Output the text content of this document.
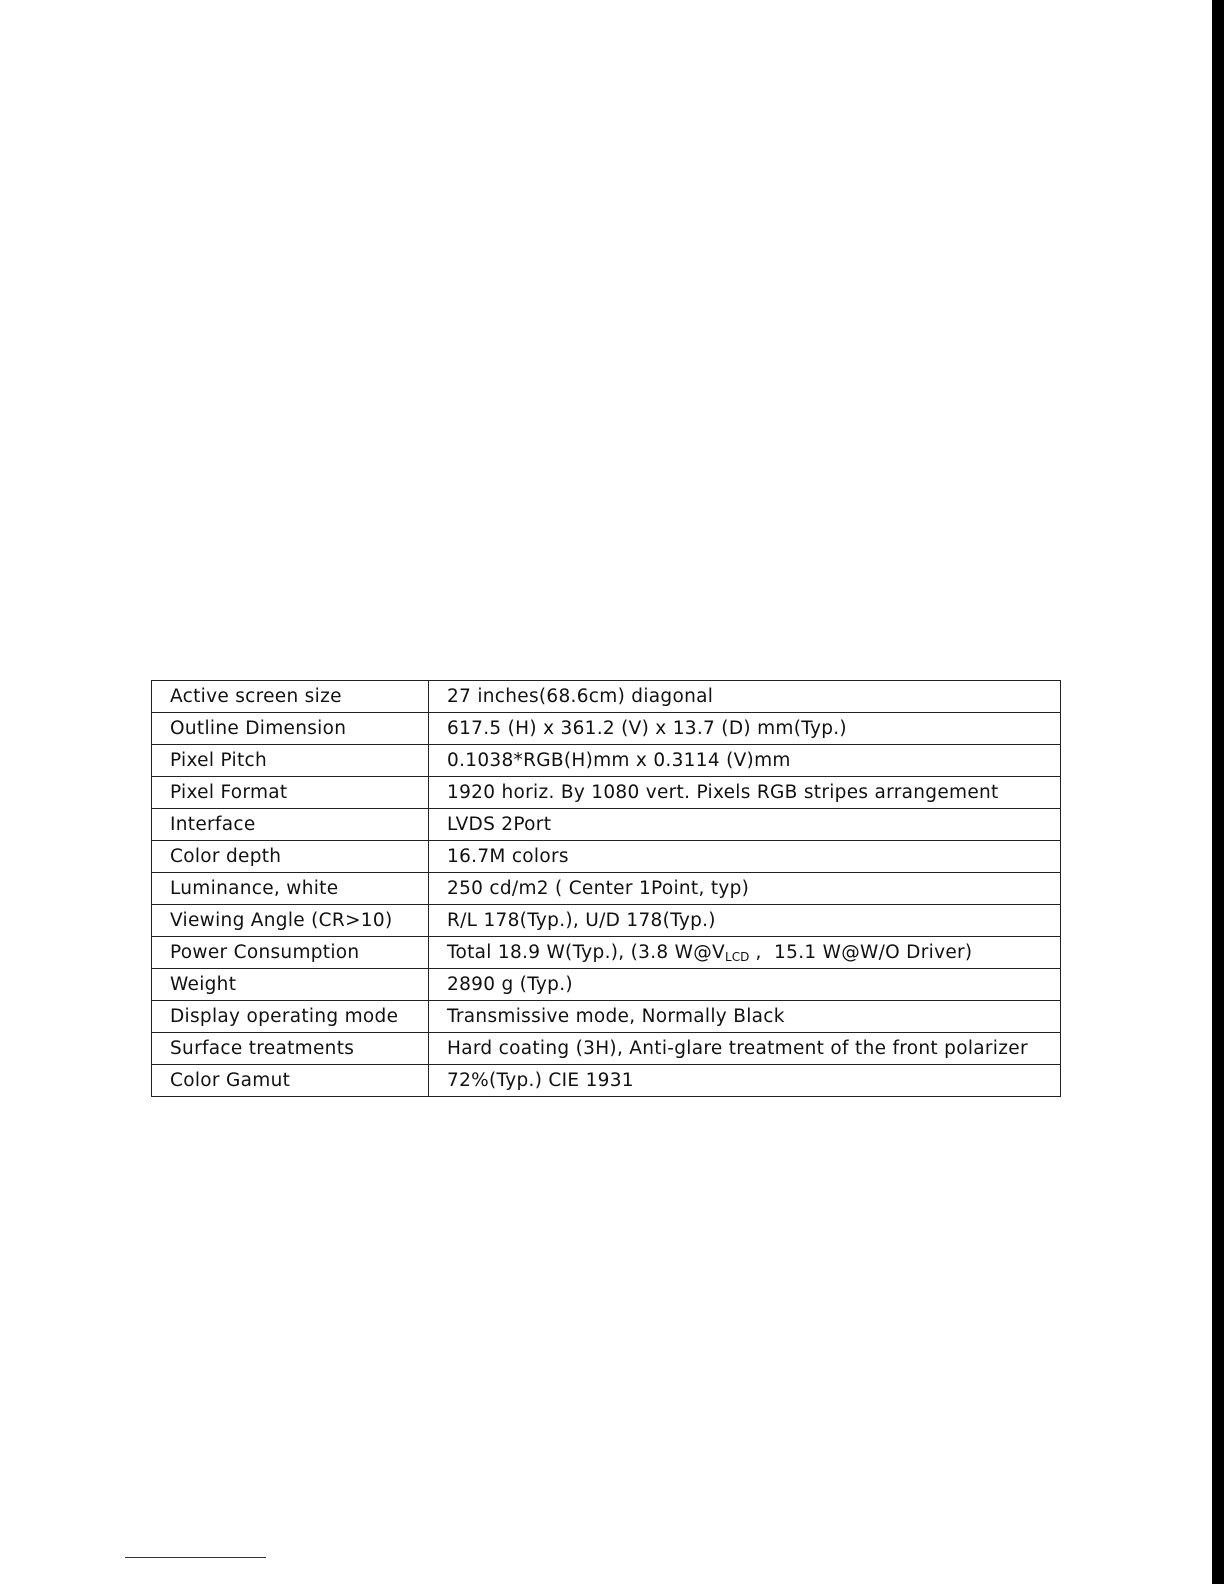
Active screen size	27 inches(68.6cm) diagonal
Outline Dimension	617.5 (H) x 361.2 (V) x 13.7 (D) mm(Typ.)
Pixel Pitch	0.1038*RGB(H)mm x 0.3114 (V)mm
Pixel Format	1920 horiz. By 1080 vert. Pixels RGB stripes arrangement
Interface	LVDS 2Port
Color depth	16.7M colors
Luminance, white	250 cd/m2 ( Center 1Point, typ)
Viewing Angle (CR>10)	R/L 178(Typ.), U/D 178(Typ.)
Power Consumption	Total 18.9 W(Typ.), (3.8 $W@V_{LCD}$ ,  15.1 W@W/O Driver)
Weight	2890 g (Typ.)
Display operating mode	Transmissive mode, Normally Black
Surface treatments	Hard coating (3H), Anti-glare treatment of the front polarizer
Color Gamut	72%(Typ.) CIE 1931
